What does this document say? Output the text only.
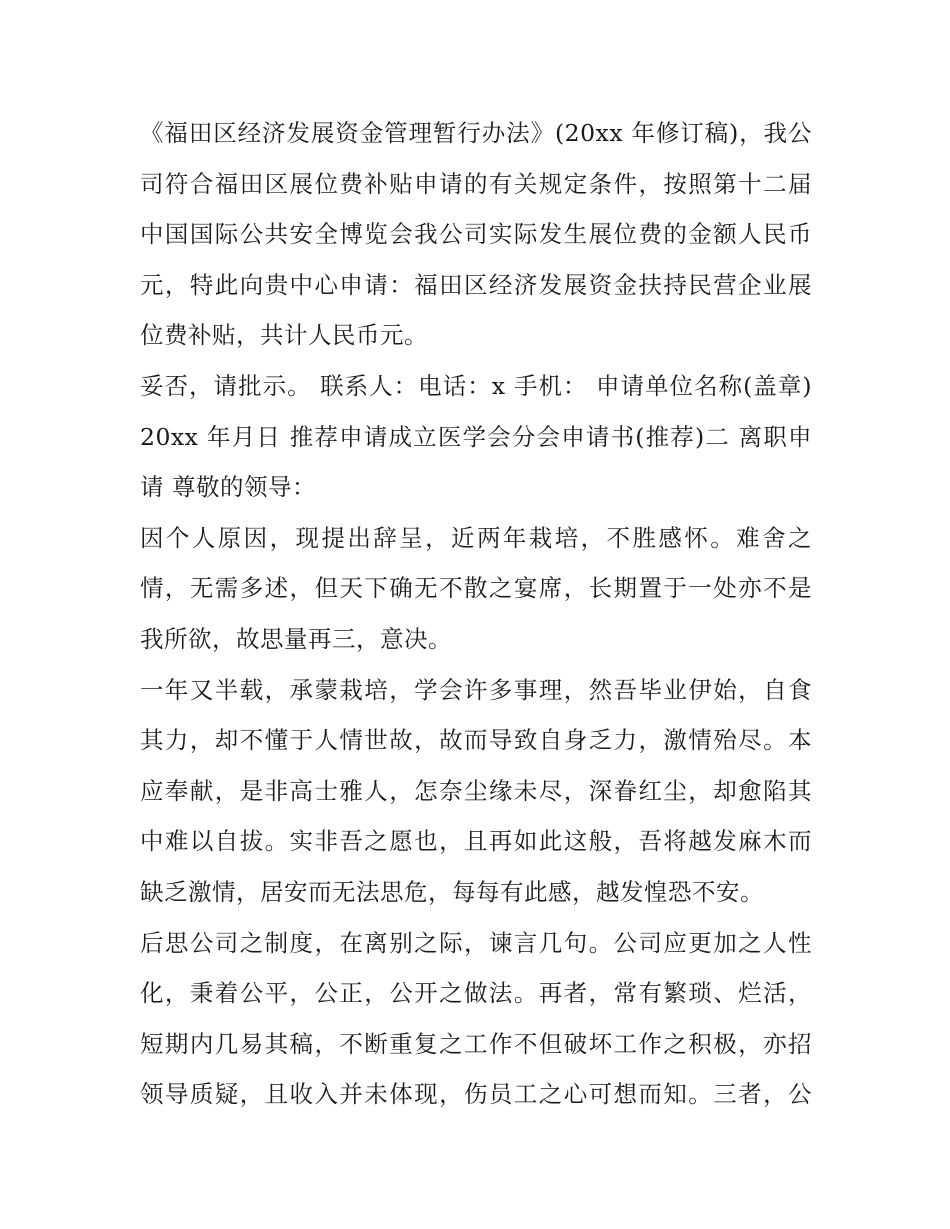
《福田区经济发展资金管理暂行办法》(20xx 年修订稿)，我公
司符合福田区展位费补贴申请的有关规定条件，按照第十二届
中国国际公共安全博览会我公司实际发生展位费的金额人民币
元，特此向贵中心申请：福田区经济发展资金扶持民营企业展
位费补贴，共计人民币元。

妥否，请批示。 联系人：电话：x 手机： 申请单位名称(盖章)
20xx 年月日 推荐申请成立医学会分会申请书(推荐)二 离职申
请 尊敬的领导：

因个人原因，现提出辞呈，近两年栽培，不胜感怀。难舍之
情，无需多述，但天下确无不散之宴席，长期置于一处亦不是
我所欲，故思量再三，意决。

一年又半载，承蒙栽培，学会许多事理，然吾毕业伊始，自食
其力，却不懂于人情世故，故而导致自身乏力，激情殆尽。本
应奉献，是非高士雅人，怎奈尘缘未尽，深眷红尘，却愈陷其
中难以自拔。实非吾之愿也，且再如此这般，吾将越发麻木而
缺乏激情，居安而无法思危，每每有此感，越发惶恐不安。

后思公司之制度，在离别之际，谏言几句。公司应更加之人性
化，秉着公平，公正，公开之做法。再者，常有繁琐、烂活，
短期内几易其稿，不断重复之工作不但破坏工作之积极，亦招
领导质疑，且收入并未体现，伤员工之心可想而知。三者，公
